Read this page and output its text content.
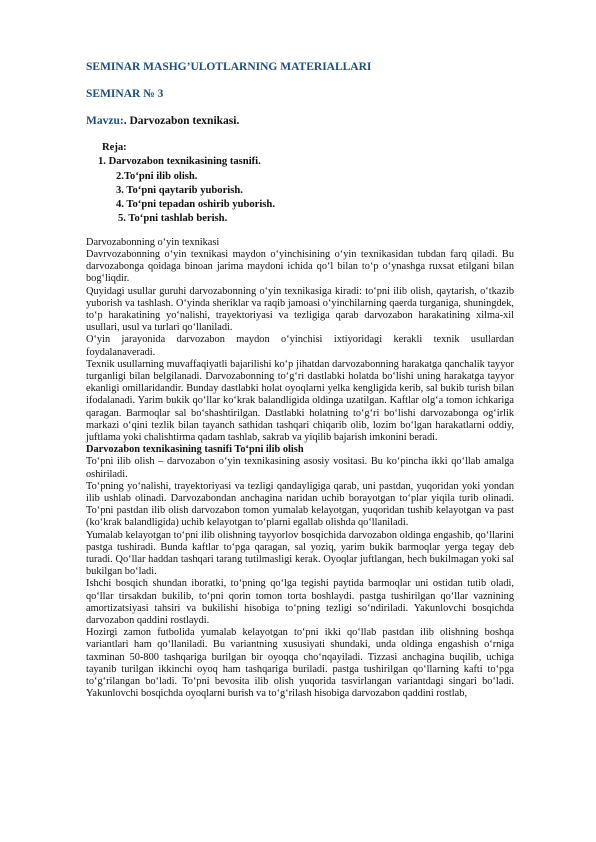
SEMINAR MASHG’ULOTLARNING MATERIALLARI

SEMINAR № 3

Mavzu:. Darvozabon texnikasi.

Reja:
1. Darvozabon texnikasining tasnifi.
2.To‘pni ilib olish.
3. To‘pni qaytarib yuborish.
4. To‘pni tepadan oshirib yuborish.
5. To‘pni tashlab berish.

Darvozabonning o‘yin texnikasi

Davrvozabonning o‘yin texnikasi maydon o‘yinchisining o‘yin texnikasidan tubdan farq qiladi. Bu darvozabonga qoidaga binoan jarima maydoni ichida qo‘l bilan to‘p o‘ynashga ruxsat etilgani bilan bog‘liqdir.

Quyidagi usullar guruhi darvozabonning o‘yin texnikasiga kiradi: to‘pni ilib olish, qaytarish, o‘tkazib yuborish va tashlash. O‘yinda sheriklar va raqib jamoasi o‘yinchilarning qaerda turganiga, shuningdek, to‘p harakatining yo‘nalishi, trayektoriyasi va tezligiga qarab darvozabon harakatining xilma-xil usullari, usul va turlari qo‘llaniladi.

O‘yin jarayonida darvozabon maydon o‘yinchisi ixtiyoridagi kerakli texnik usullardan foydalanaveradi.

Texnik usullarning muvaffaqiyatli bajarilishi ko‘p jihatdan darvozabonning harakatga qanchalik tayyor turganligi bilan belgilanadi. Darvozabonning to‘g‘ri dastlabki holatda bo‘lishi uning harakatga tayyor ekanligi omillaridandir. Bunday dastlabki holat oyoqlarni yelka kengligida kerib, sal bukib turish bilan ifodalanadi. Yarim bukik qo‘llar ko‘krak balandligida oldinga uzatilgan. Kaftlar olg‘a tomon ichkariga qaragan. Barmoqlar sal bo‘shashtirilgan. Dastlabki holatning to‘g‘ri bo‘lishi darvozabonga og‘irlik markazi o‘qini tezlik bilan tayanch sathidan tashqari chiqarib olib, lozim bo‘lgan harakatlarni oddiy, juftlama yoki chalishtirma qadam tashlab, sakrab va yiqilib bajarish imkonini beradi.

Darvozabon texnikasining tasnifi To‘pni ilib olish

To‘pni ilib olish – darvozabon o‘yin texnikasining asosiy vositasi. Bu ko‘pincha ikki qo‘llab amalga oshiriladi.

To‘pning yo‘nalishi, trayektoriyasi va tezligi qandayligiga qarab, uni pastdan, yuqoridan yoki yondan ilib ushlab olinadi. Darvozabondan anchagina naridan uchib borayotgan to‘plar yiqila turib olinadi. To‘pni pastdan ilib olish darvozabon tomon yumalab kelayotgan, yuqoridan tushib kelayotgan va past (ko‘krak balandligida) uchib kelayotgan to‘plarni egallab olishda qo‘llaniladi.

Yumalab kelayotgan to‘pni ilib olishning tayyorlov bosqichida darvozabon oldinga engashib, qo‘llarini pastga tushiradi. Bunda kaftlar to‘pga qaragan, sal yoziq, yarim bukik barmoqlar yerga tegay deb turadi. Qo‘llar haddan tashqari tarang tutilmasligi kerak. Oyoqlar juftlangan, hech bukilmagan yoki sal bukilgan bo‘ladi.

Ishchi bosqich shundan iboratki, to‘pning qo‘lga tegishi paytida barmoqlar uni ostidan tutib oladi, qo‘llar tirsakdan bukilib, to‘pni qorin tomon torta boshlaydi. pastga tushirilgan qo‘llar vaznining amortizatsiyasi tahsiri va bukilishi hisobiga to‘pning tezligi so‘ndiriladi. Yakunlovchi bosqichda darvozabon qaddini rostlaydi.

Hozirgi zamon futbolida yumalab kelayotgan to‘pni ikki qo‘llab pastdan ilib olishning boshqa variantlari ham qo‘llaniladi. Bu variantning xususiyati shundaki, unda oldinga engashish o‘rniga taxminan 50-800 tashqariga burilgan bir oyoqqa cho‘nqayiladi. Tizzasi anchagina buqilib, uchiga tayanib turilgan ikkinchi oyoq ham tashqariga buriladi. pastga tushirilgan qo‘llarning kafti to‘pga to‘g‘rilangan bo‘ladi. To‘pni bevosita ilib olish yuqorida tasvirlangan variantdagi singari bo‘ladi. Yakunlovchi bosqichda oyoqlarni burish va to‘g‘rilash hisobiga darvozabon qaddini rostlab,
